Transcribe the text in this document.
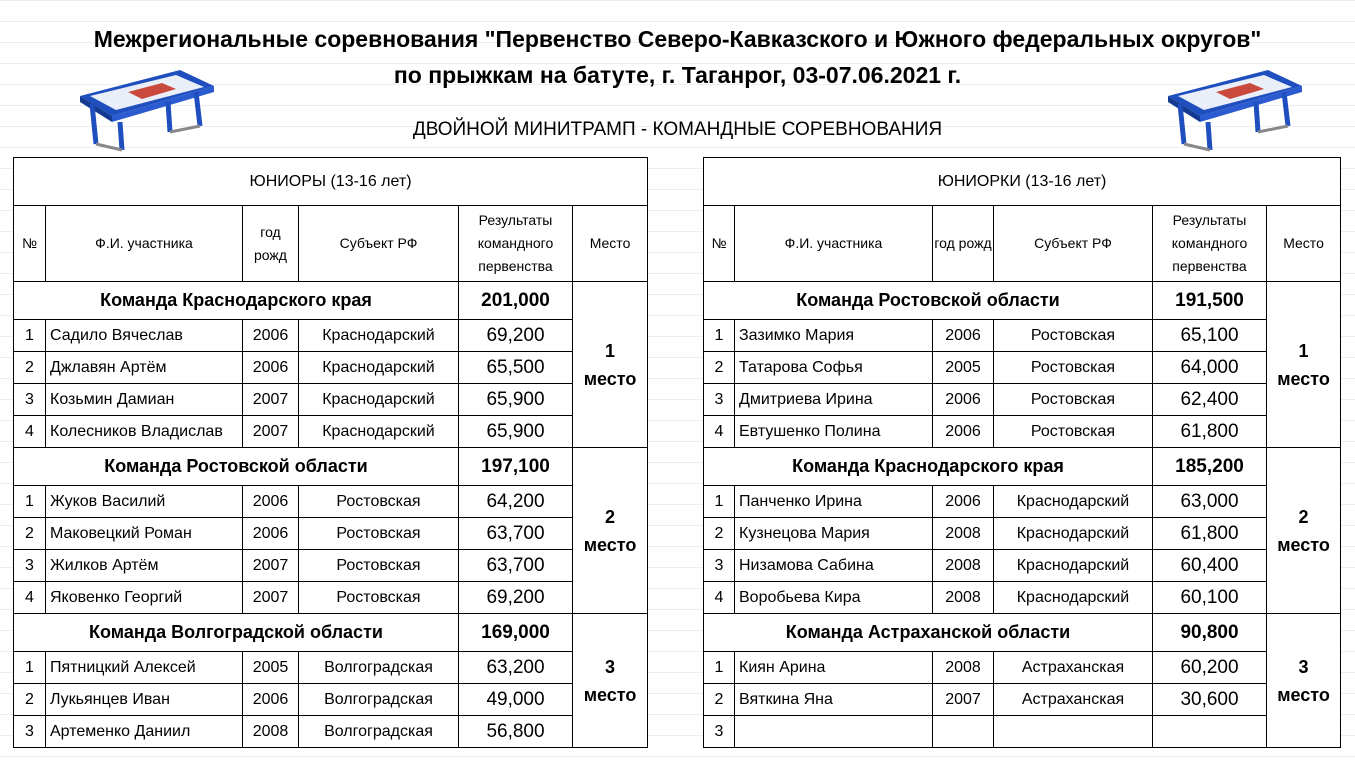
Межрегиональные соревнования "Первенство Северо-Кавказского и Южного федеральных округов"
по прыжкам на батуте, г. Таганрог, 03-07.06.2021 г.
ДВОЙНОЙ МИНИТРАМП - КОМАНДНЫЕ СОРЕВНОВАНИЯ
ЮНИОРЫ (13-16 лет)					
№	Ф.И. участника	год рожд	Субъект РФ	Результаты командного первенства	Место
Команда Краснодарского края				201,000	1
место
1	Садило Вячеслав	2006	Краснодарский	69,200	
2	Джлавян Артём	2006	Краснодарский	65,500	
3	Козьмин Дамиан	2007	Краснодарский	65,900	
4	Колесников Владислав	2007	Краснодарский	65,900	
Команда Ростовской области				197,100	2
место
1	Жуков Василий	2006	Ростовская	64,200	
2	Маковецкий Роман	2006	Ростовская	63,700	
3	Жилков Артём	2007	Ростовская	63,700	
4	Яковенко Георгий	2007	Ростовская	69,200	
Команда Волгоградской области				169,000	3
место
1	Пятницкий Алексей	2005	Волгоградская	63,200	
2	Лукьянцев Иван	2006	Волгоградская	49,000	
3	Артеменко Даниил	2008	Волгоградская	56,800	
ЮНИОРКИ (13-16 лет)					
№	Ф.И. участника	год рожд	Субъект РФ	Результаты командного первенства	Место
Команда Ростовской области				191,500	1
место
1	Зазимко Мария	2006	Ростовская	65,100	
2	Татарова Софья	2005	Ростовская	64,000	
3	Дмитриева Ирина	2006	Ростовская	62,400	
4	Евтушенко Полина	2006	Ростовская	61,800	
Команда Краснодарского края				185,200	2
место
1	Панченко Ирина	2006	Краснодарский	63,000	
2	Кузнецова Мария	2008	Краснодарский	61,800	
3	Низамова Сабина	2008	Краснодарский	60,400	
4	Воробьева Кира	2008	Краснодарский	60,100	
Команда Астраханской области				90,800	3
место
1	Киян Арина	2008	Астраханская	60,200	
2	Вяткина Яна	2007	Астраханская	30,600	
3					
